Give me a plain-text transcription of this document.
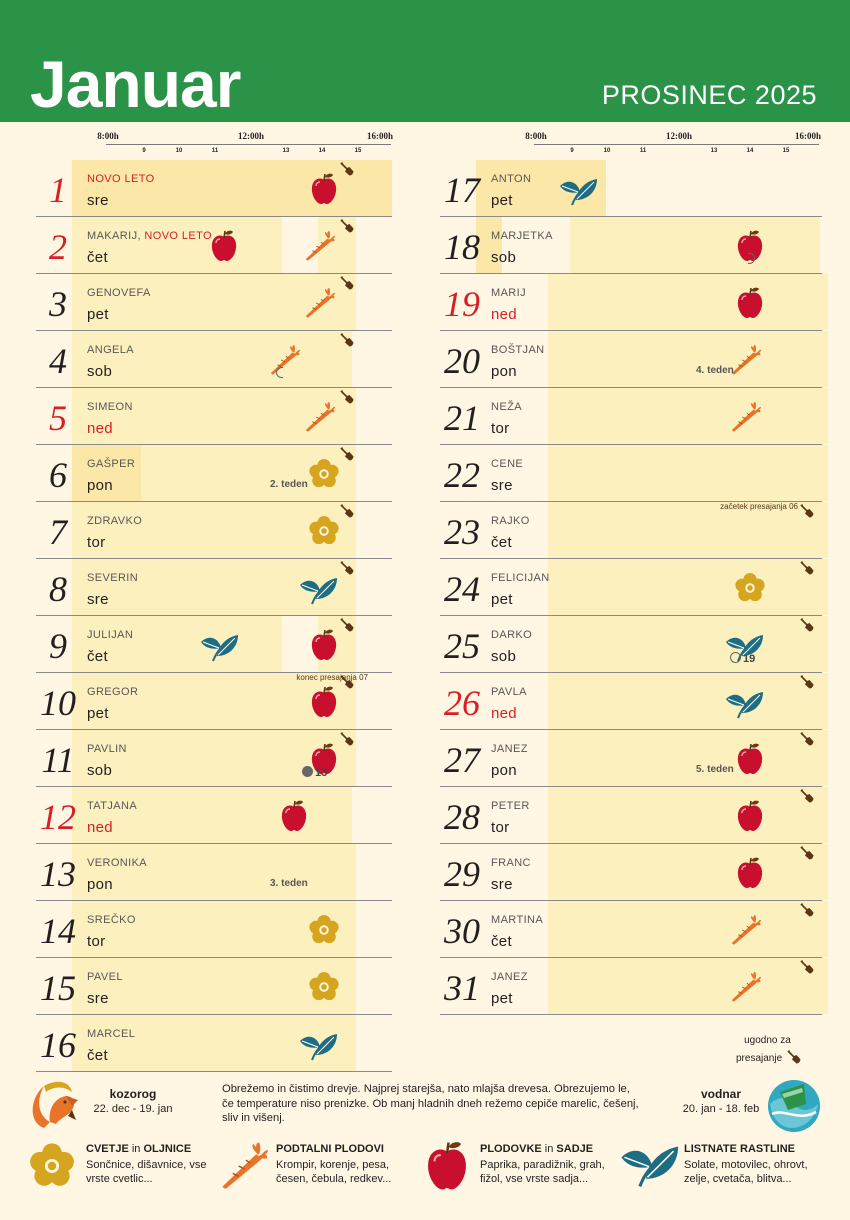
Januar	PROSINEC 2025
8:00h	12:00h	16:00h
9	10	11	13	14	15
1	NOVO LETO
sre
2	MAKARIJ, NOVO LETO
čet
3	GENOVEFA
pet
4	ANGELA
sob
5	SIMEON
ned
6	GAŠPER
pon	2. teden
7	ZDRAVKO
tor
8	SEVERIN
sre
9	JULIJAN
čet
10	GREGOR
pet
konec presajanja 07
11	PAVLIN
sob	13
12	TATJANA
ned
13	VERONIKA
pon	3. teden
14	SREČKO
tor
15	PAVEL
sre
16	MARCEL
čet
8:00h	12:00h	16:00h
9	10	11	13	14	15
17	ANTON
pet
18	MARJETKA
sob
19	MARIJ
ned
20	BOŠTJAN
pon	4. teden
21	NEŽA
tor
22	CENE
sre
23	RAJKO
čet
začetek presajanja 06
24	FELICIJAN
pet
25	DARKO
sob	19
26	PAVLA
ned
27	JANEZ
pon	5. teden
28	PETER
tor
29	FRANC
sre
30	MARTINA
čet
31	JANEZ
pet
ugodno za
presajanje
kozorog
22. dec - 19. jan
Obrežemo in čistimo drevje. Najprej starejša, nato mlajša drevesa. Obrezujemo le, če temperature niso prenizke. Ob manj hladnih dneh režemo cepiče marelic, češenj, sliv in višenj.
vodnar
20. jan - 18. feb
CVETJE in OLJNICE
Sončnice, dišavnice, vse vrste cvetlic...
PODTALNI PLODOVI
Krompir, korenje, pesa, česen, čebula, redkev...
PLODOVKE in SADJE
Paprika, paradižnik, grah, fižol, vse vrste sadja...
LISTNATE RASTLINE
Solate, motovilec, ohrovt, zelje, cvetača, blitva...
